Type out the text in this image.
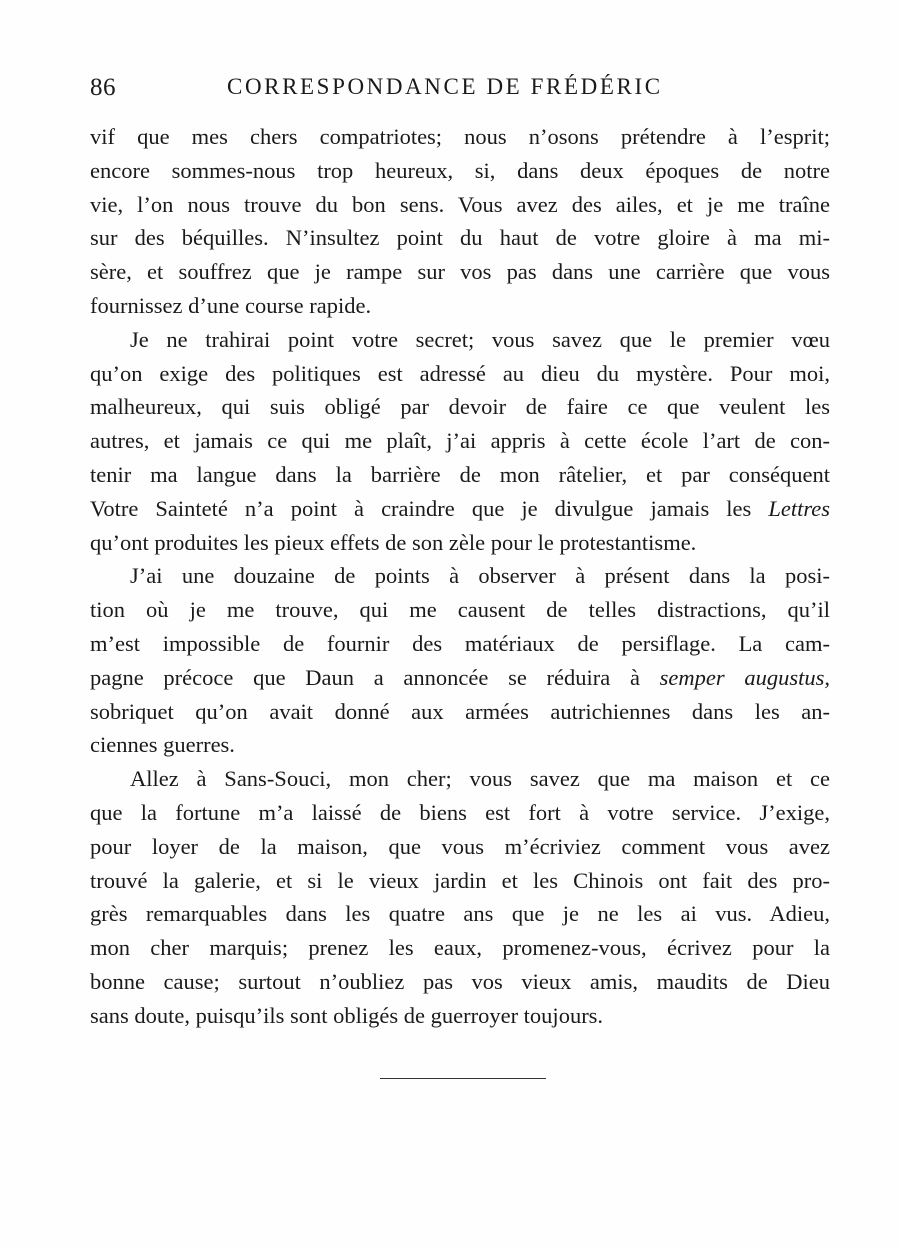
86	CORRESPONDANCE DE FRÉDÉRIC
vif que mes chers compatriotes; nous n’osons prétendre à l’esprit;
encore sommes-nous trop heureux, si, dans deux époques de notre
vie, l’on nous trouve du bon sens. Vous avez des ailes, et je me traîne
sur des béquilles. N’insultez point du haut de votre gloire à ma mi-
sère, et souffrez que je rampe sur vos pas dans une carrière que vous
fournissez d’une course rapide.
Je ne trahirai point votre secret; vous savez que le premier vœu
qu’on exige des politiques est adressé au dieu du mystère. Pour moi,
malheureux, qui suis obligé par devoir de faire ce que veulent les
autres, et jamais ce qui me plaît, j’ai appris à cette école l’art de con-
tenir ma langue dans la barrière de mon râtelier, et par conséquent
Votre Sainteté n’a point à craindre que je divulgue jamais les Lettres
qu’ont produites les pieux effets de son zèle pour le protestantisme.
J’ai une douzaine de points à observer à présent dans la posi-
tion où je me trouve, qui me causent de telles distractions, qu’il
m’est impossible de fournir des matériaux de persiflage. La cam-
pagne précoce que Daun a annoncée se réduira à semper augustus,
sobriquet qu’on avait donné aux armées autrichiennes dans les an-
ciennes guerres.
Allez à Sans-Souci, mon cher; vous savez que ma maison et ce
que la fortune m’a laissé de biens est fort à votre service. J’exige,
pour loyer de la maison, que vous m’écriviez comment vous avez
trouvé la galerie, et si le vieux jardin et les Chinois ont fait des pro-
grès remarquables dans les quatre ans que je ne les ai vus. Adieu,
mon cher marquis; prenez les eaux, promenez-vous, écrivez pour la
bonne cause; surtout n’oubliez pas vos vieux amis, maudits de Dieu
sans doute, puisqu’ils sont obligés de guerroyer toujours.
